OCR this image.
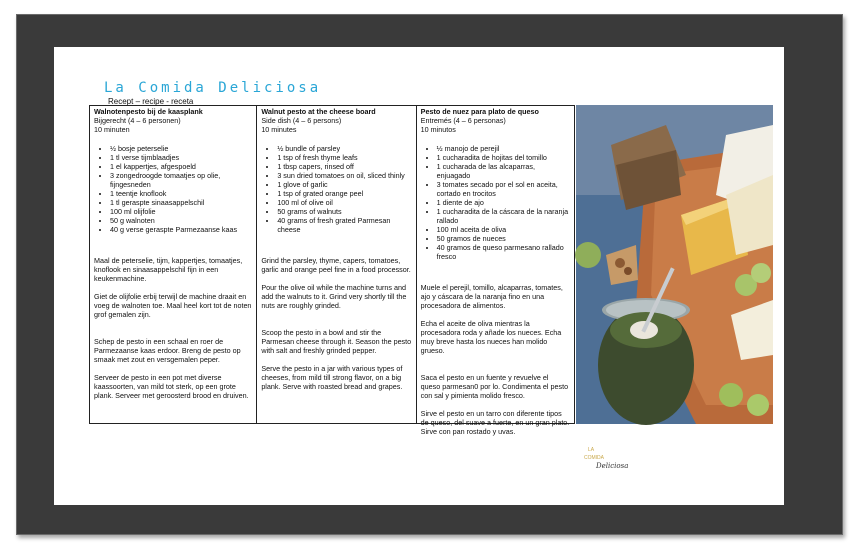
La Comida Deliciosa
Recept – recipe - receta
Walnotenpesto bij de kaasplank
Bijgerecht (4 – 6 personen)
10 minuten
• ½ bosje peterselie
• 1 tl verse tijmblaadjes
• 1 el kappertjes, afgespoeld
• 3 zongedroogde tomaatjes op olie, fijngesneden
• 1 teentje knoflook
• 1 tl geraspte sinaasappelschil
• 100 ml olijfolie
• 50 g walnoten
• 40 g verse geraspte Parmezaanse kaas

Maal de peterselie, tijm, kappertjes, tomaatjes, knoflook en sinaasappelschil fijn in een keukenmachine.

Giet de olijfolie erbij terwijl de machine draait en voeg de walnoten toe. Maal heel kort tot de noten grof gemalen zijn.

Schep de pesto in een schaal en roer de Parmezaanse kaas erdoor. Breng de pesto op smaak met zout en versgemalen peper.

Serveer de pesto in een pot met diverse kaassoorten, van mild tot sterk, op een grote plank. Serveer met geroosterd brood en druiven.

Walnut pesto at the cheese board
Side dish (4 – 6 persons)
10 minutes
• ½ bundle of parsley
• 1 tsp of fresh thyme leafs
• 1 tbsp capers, rinsed off
• 3 sun dried tomatoes on oil, sliced thinly
• 1 glove of garlic
• 1 tsp of grated orange peel
• 100 ml of olive oil
• 50 grams of walnuts
• 40 grams of fresh grated Parmesan cheese

Grind the parsley, thyme, capers, tomatoes, garlic and orange peel fine in a food processor.

Pour the olive oil while the machine turns and add the walnuts to it. Grind very shortly till the nuts are roughly grinded.

Scoop the pesto in a bowl and stir the Parmesan cheese through it. Season the pesto with salt and freshly grinded pepper.

Serve the pesto in a jar with various types of cheeses, from mild till strong flavor, on a big plank. Serve with roasted bread and grapes.

Pesto de nuez para plato de queso
Entremés (4 – 6 personas)
10 minutos
• ½ manojo de perejil
• 1 cucharadita de hojitas del tomillo
• 1 cucharada de las alcaparras, enjuagado
• 3 tomates secado por el sol en aceita, cortado en trocitos
• 1 diente de ajo
• 1 cucharadita de la cáscara de la naranja rallado
• 100 ml aceita de oliva
• 50 gramos de nueces
• 40 gramos de queso parmesano rallado fresco

Muele el perejil, tomillo, alcaparras, tomates, ajo y cáscara de la naranja fino en una procesadora de alimentos.

Echa el aceite de oliva mientras la procesadora roda y añade los nueces. Echa muy breve hasta los nueces han molido grueso.

Saca el pesto en un fuente y revuelve el queso parmesan0 por lo. Condimenta el pesto con sal y pimienta molido fresco.

Sirve el pesto en un tarro con diferente tipos de queso, del suave a fuerte, en un gran plato. Sirve con pan rostado y uvas.

LA
COMIDA
Deliciosa
